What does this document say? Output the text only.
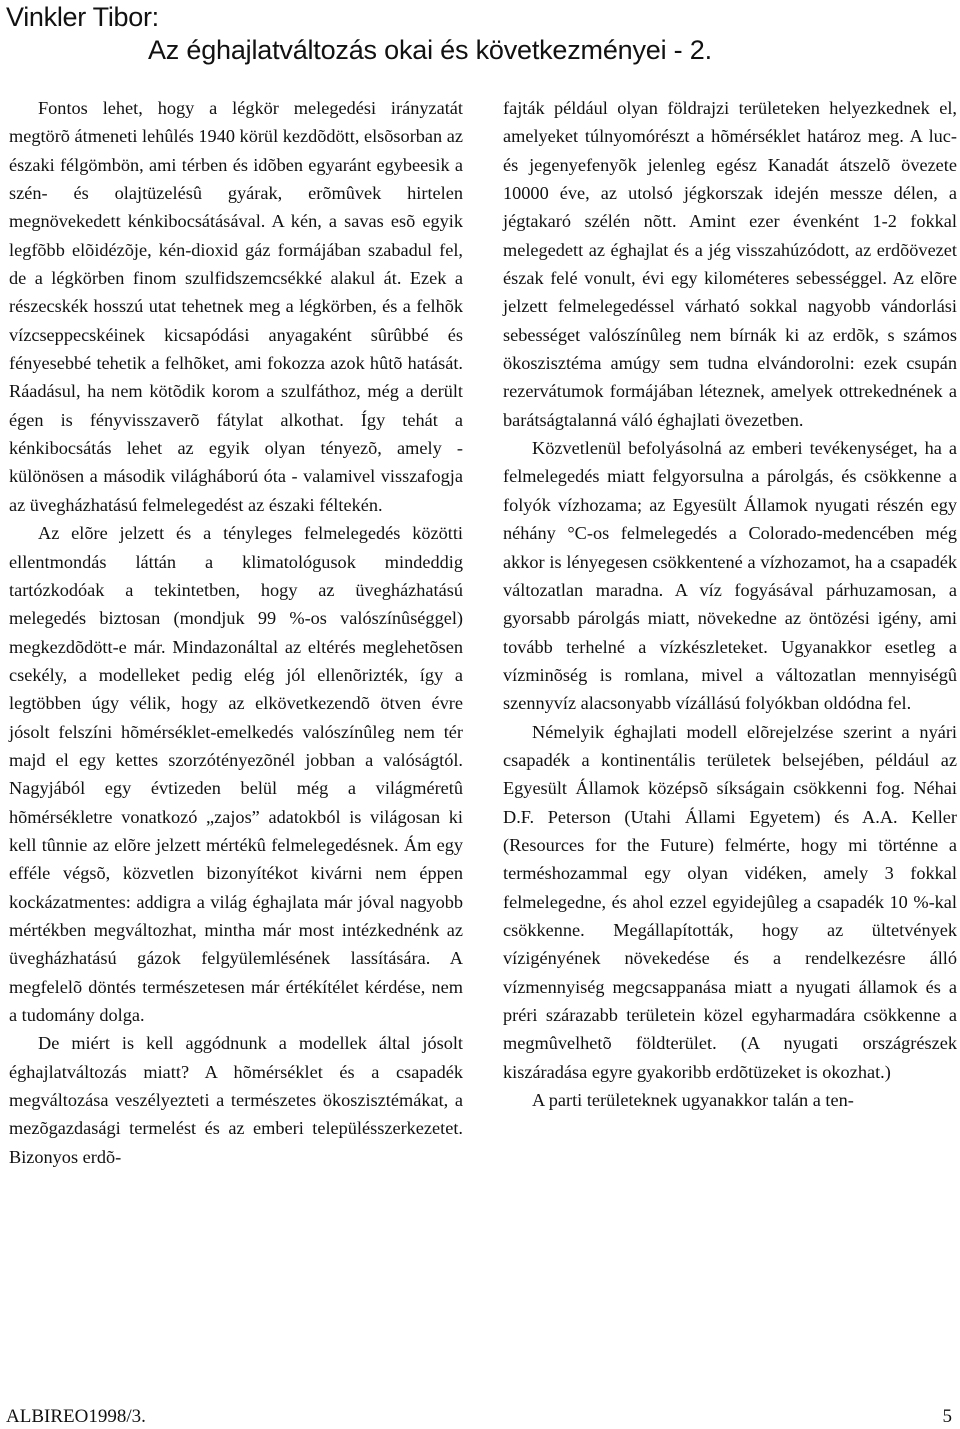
Vinkler Tibor:
Az éghajlatváltozás okai és következményei - 2.

Fontos lehet, hogy a légkör melegedési irányzatát megtörõ átmeneti lehûlés 1940 körül kezdõdött, elsõsorban az északi félgömbön, ami térben és idõben egyaránt egybeesik a szén- és olajtüzelésû gyárak, erõmûvek hirtelen megnövekedett kénkibocsátásával. A kén, a savas esõ egyik legfõbb elõidézõje, kén-dioxid gáz formájában szabadul fel, de a légkörben finom szulfidszemcsékké alakul át. Ezek a részecskék hosszú utat tehetnek meg a légkörben, és a felhõk vízcseppecskéinek kicsapódási anyagaként sûrûbbé és fényesebbé tehetik a felhõket, ami fokozza azok hûtõ hatását. Ráadásul, ha nem kötõdik korom a szulfáthoz, még a derült égen is fényvisszaverõ fátylat alkothat. Így tehát a kénkibocsátás lehet az egyik olyan tényezõ, amely - különösen a második világháború óta - valamivel visszafogja az üvegházhatású felmelegedést az északi féltekén.

Az elõre jelzett és a tényleges felmelegedés közötti ellentmondás láttán a klimatológusok mindeddig tartózkodóak a tekintetben, hogy az üvegházhatású melegedés biztosan (mondjuk 99 %-os valószínûséggel) megkezdõdött-e már. Mindazonáltal az eltérés meglehetõsen csekély, a modelleket pedig elég jól ellenõrizték, így a legtöbben úgy vélik, hogy az elkövetkezendõ ötven évre jósolt felszíni hõmérséklet-emelkedés valószínûleg nem tér majd el egy kettes szorzótényezõnél jobban a valóságtól. Nagyjából egy évtizeden belül még a világméretû hõmérsékletre vonatkozó „zajos” adatokból is világosan ki kell tûnnie az elõre jelzett mértékû felmelegedésnek. Ám egy efféle végsõ, közvetlen bizonyítékot kivárni nem éppen kockázatmentes: addigra a világ éghajlata már jóval nagyobb mértékben megváltozhat, mintha már most intézkednénk az üvegházhatású gázok felgyülemlésének lassítására. A megfelelõ döntés természetesen már értékítélet kérdése, nem a tudomány dolga.

De miért is kell aggódnunk a modellek által jósolt éghajlatváltozás miatt? A hõmérséklet és a csapadék megváltozása veszélyezteti a természetes ökoszisztémákat, a mezõgazdasági termelést és az emberi településszerkezetet. Bizonyos erdõ-

fajták például olyan földrajzi területeken helyezkednek el, amelyeket túlnyomórészt a hõmérséklet határoz meg. A luc- és jegenyefenyõk jelenleg egész Kanadát átszelõ övezete 10000 éve, az utolsó jégkorszak idején messze délen, a jégtakaró szélén nõtt. Amint ezer évenként 1-2 fokkal melegedett az éghajlat és a jég visszahúzódott, az erdõövezet észak felé vonult, évi egy kilométeres sebességgel. Az elõre jelzett felmelegedéssel várható sokkal nagyobb vándorlási sebességet valószínûleg nem bírnák ki az erdõk, s számos ökoszisztéma amúgy sem tudna elvándorolni: ezek csupán rezervátumok formájában léteznek, amelyek ottrekednének a barátságtalanná váló éghajlati övezetben.

Közvetlenül befolyásolná az emberi tevékenységet, ha a felmelegedés miatt felgyorsulna a párolgás, és csökkenne a folyók vízhozama; az Egyesült Államok nyugati részén egy néhány °C-os felmelegedés a Colorado-medencében még akkor is lényegesen csökkentené a vízhozamot, ha a csapadék változatlan maradna. A víz fogyásával párhuzamosan, a gyorsabb párolgás miatt, növekedne az öntözési igény, ami tovább terhelné a vízkészleteket. Ugyanakkor esetleg a vízminõség is romlana, mivel a változatlan mennyiségû szennyvíz alacsonyabb vízállású folyókban oldódna fel.

Némelyik éghajlati modell elõrejelzése szerint a nyári csapadék a kontinentális területek belsejében, például az Egyesült Államok középsõ síkságain csökkenni fog. Néhai D.F. Peterson (Utahi Állami Egyetem) és A.A. Keller (Resources for the Future) felmérte, hogy mi történne a terméshozammal egy olyan vidéken, amely 3 fokkal felmelegedne, és ahol ezzel egyidejûleg a csapadék 10 %-kal csökkenne. Megállapították, hogy az ültetvények vízigényének növekedése és a rendelkezésre álló vízmennyiség megcsappanása miatt a nyugati államok és a préri szárazabb területein közel egyharmadára csökkenne a megmûvelhetõ földterület. (A nyugati országrészek kiszáradása egyre gyakoribb erdõtüzeket is okozhat.)

A parti területeknek ugyanakkor talán a ten-

ALBIREO1998/3.	5
